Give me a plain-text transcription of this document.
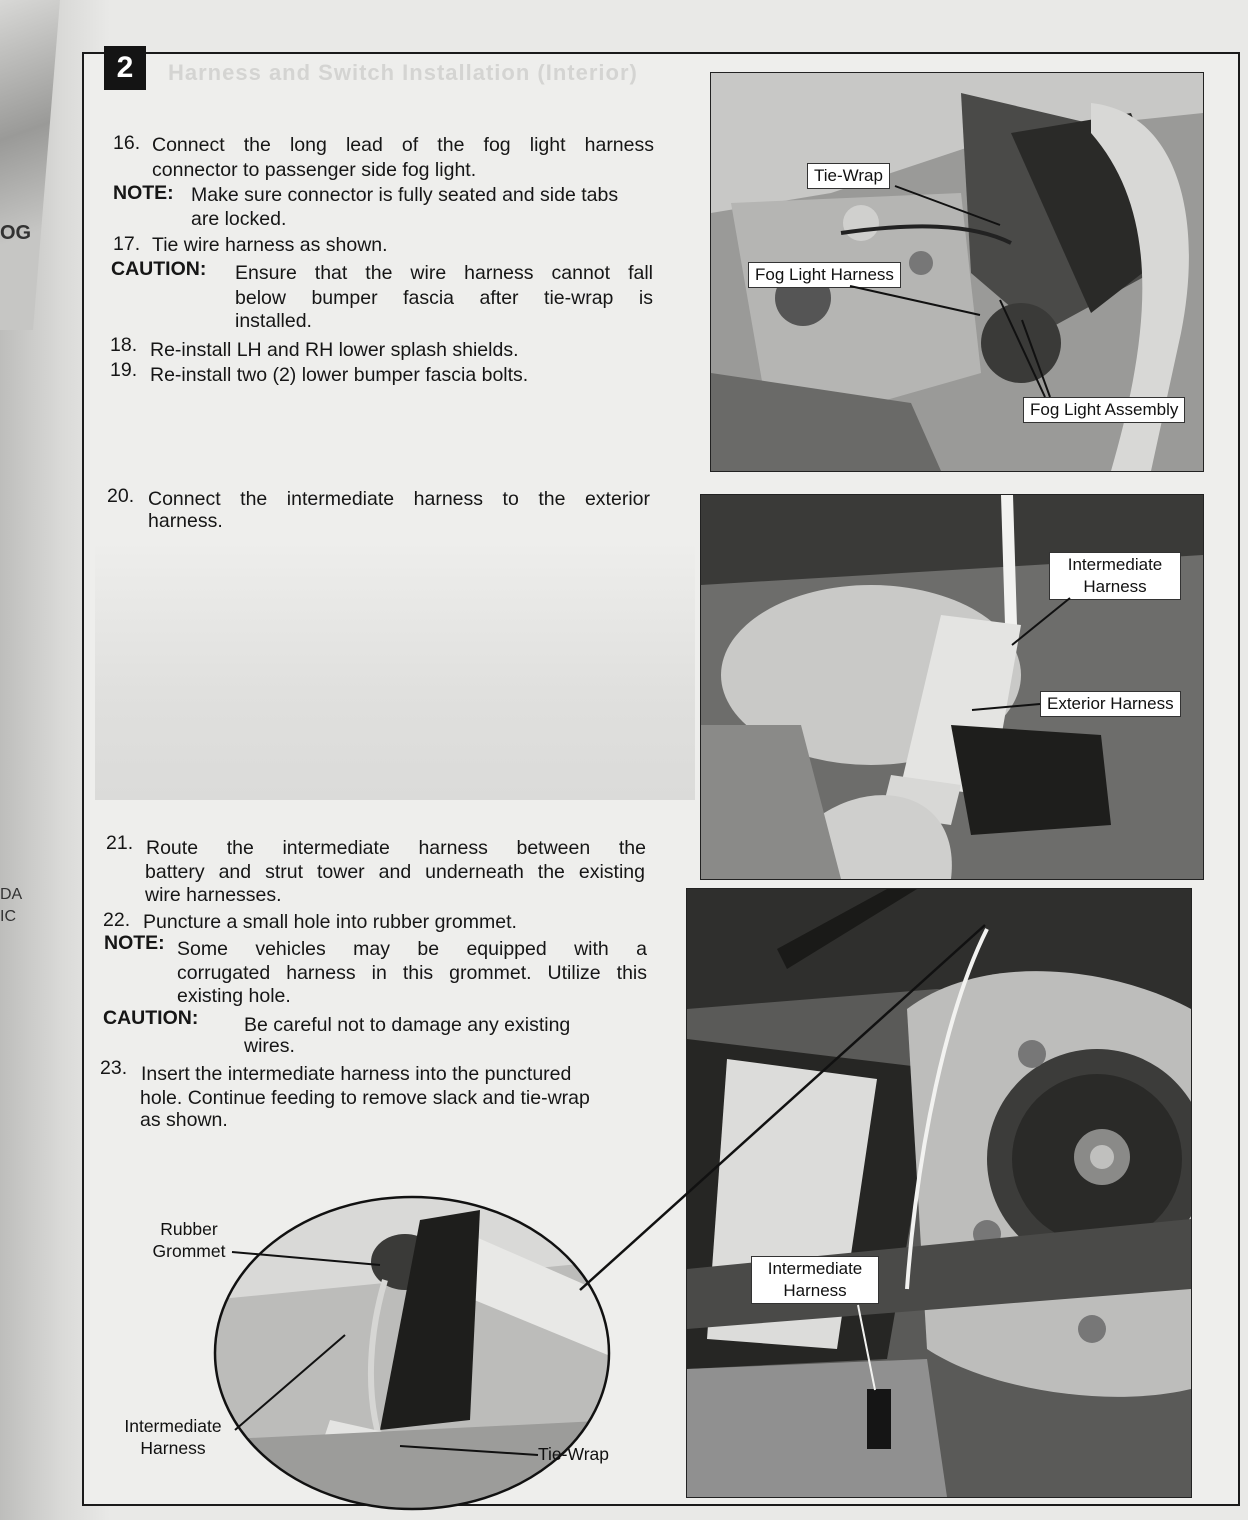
OG
DA
IC
2	Harness and Switch Installation (Interior)
16. Connect the long lead of the fog light harness
connector to passenger side fog light.
NOTE: Make sure connector is fully seated and side tabs
are locked.
17. Tie wire harness as shown.
CAUTION: Ensure that the wire harness cannot fall
below bumper fascia after tie-wrap is
installed.
18. Re-install LH and RH lower splash shields.
19. Re-install two (2) lower bumper fascia bolts.
20. Connect the intermediate harness to the exterior
harness.
21. Route the intermediate harness between the
battery and strut tower and underneath the existing
wire harnesses.
22. Puncture a small hole into rubber grommet.
NOTE: Some vehicles may be equipped with a
corrugated harness in this grommet. Utilize this
existing hole.
CAUTION: Be careful not to damage any existing
wires.
23. Insert the intermediate harness into the punctured
hole. Continue feeding to remove slack and tie-wrap
as shown.
Tie-Wrap
Fog Light Harness
Fog Light Assembly
Intermediate
Harness
Exterior Harness
Intermediate
Harness
Rubber
Grommet
Intermediate
Harness	Tie-Wrap
